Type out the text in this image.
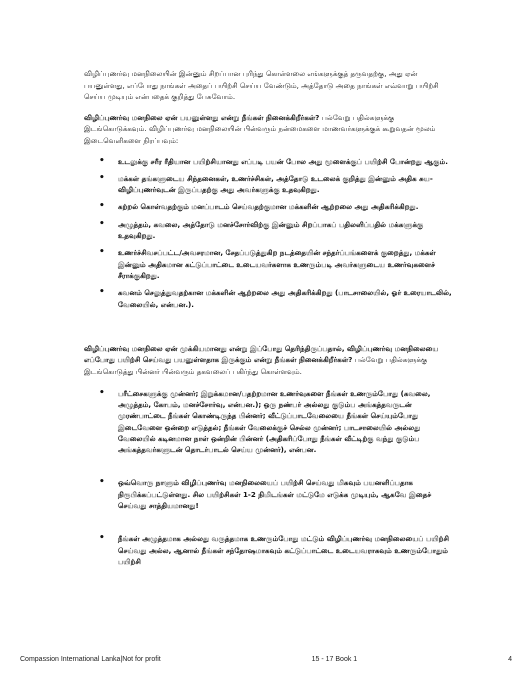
விழிப்புணர்வு மனநிலையின் இன்னும் சிறப்பான புரிந்து கொள்ளலை எங்களுக்குத் தருவதற்கு, அது ஏன் பயனுள்ளது, எப்போது நாங்கள் அதைப் பயிற்சி செய்ய வேண்டும், அத்தோடு அதை நாங்கள் எவ்வாறு பயிற்சி செய்ய முடியும் என்பதைக் குறித்து பேசுவோம்.

விழிப்புணர்வு மனநிலை ஏன் பயனுள்ளது என்று நீங்கள் நினைக்கிறீர்கள்? பல்வேறு பதில்களுக்கு இடங்கொடுக்கவும். விழிப்புணர்வு மனநிலையின் பின்வரும் நன்மைகளை மாணவர்களுக்குக் கூறுவதன் மூலம் இடைவெளிகளை நிரப்பவும்:

• உடலுக்கு சரீர ரீதியான பயிற்சியானது எப்படி பயன் போல அது மூளைக்குப் பயிற்சி போன்றது ஆகும்.
• மக்கள் தங்களுடைய சிந்தனைகள், உணர்ச்சிகள், அத்தோடு உடலைக் குறித்து இன்னும் அதிக சுய-விழிப்புணர்வுடன் இருப்பதற்கு அது அவர்களுக்கு உதவுகிறது.
• கற்றல் கொள்வதற்கும் மனப்பாடம் செய்வதற்குமான மக்களின் ஆற்றலை அது அதிகரிக்கிறது.
• அழுத்தம், கவலை, அத்தோடு மனச்சோர்விற்கு இன்னும் சிறப்பாகப் பதிலளிப்பதில் மக்களுக்கு உதவுகிறது.
• உணர்ச்சிவசப்பட்ட/அவசரமான, சேதப்படுத்துகிற நடத்தையின் சந்தர்ப்பங்களைக் குறைத்து, மக்கள் இன்னும் அதிகமான கட்டுப்பாட்டை உடையவர்களாக உணரும்படி அவர்களுடைய உணர்வுகளைச் சீராக்குகிறது.
• கவனம் செலுத்துவதற்கான மக்களின் ஆற்றலை அது அதிகரிக்கிறது (பாடசாலையில், ஓர் உரையாடலில், வேலையில், என்பன.).

விழிப்புணர்வு மனநிலை ஏன் முக்கியமானது என்று இப்போது தெரிந்திருப்பதால், விழிப்புணர்வு மனநிலையை எப்போது பயிற்சி செய்வது பயனுள்ளதாக இருக்கும் என்று நீங்கள் நினைக்கிறீர்கள்? பல்வேறு பதில்களுக்கு இடங்கொடுத்து பின்னர் பின்வரும் தகவலைப் பகிர்ந்து கொள்ளவும்.

• பரீட்சைகளுக்கு முன்னர்; இறுக்கமான/பதற்றமான உணர்வுகளை நீங்கள் உணரும்போது (கவலை, அழுத்தம், கோபம், மனச்சோர்வு, என்பன.); ஒரு நண்பர் அல்லது குடும்ப அங்கத்தவருடன் முரண்பாட்டை நீங்கள் கொண்டிருந்த பின்னர்; வீட்டுப்பாடவேலையை நீங்கள் செய்யும்போது இடைவேளை ஒன்றை எடுத்தல்; நீங்கள் வேலைக்குச் செல்ல முன்னர்; பாடசாலையில் அல்லது வேலையில் கடினமான நாள் ஒன்றின் பின்னர் (அதிகரிப்போது நீங்கள் வீட்டிற்கு வந்து குடும்ப அங்கத்தவர்களுடன் தொடர்பாடல் செய்ய முன்னர்), என்பன.
• ஒவ்வொரு நாளும் விழிப்புணர்வு மனநிலையைப் பயிற்சி செய்வது மிகவும் பயனளிப்பதாக நிரூபிக்கப்பட்டுள்ளது. சில பயிற்சிகள் 1-2 நிமிடங்கள் மட்டுமே எடுக்க முடியும், ஆகவே இதைச் செய்வது சாத்தியமானது!
• நீங்கள் அழுத்தமாக அல்லது வருத்தமாக உணரும்போது மட்டும் விழிப்புணர்வு மனநிலையைப் பயிற்சி செய்வது அல்ல, ஆனால் நீங்கள் சந்தோஷமாகவும் கட்டுப்பாட்டை உடையவராகவும் உணரும்போதும் பயிற்சி
Compassion International Lanka|Not for profit	15 - 17 Book 1	4
